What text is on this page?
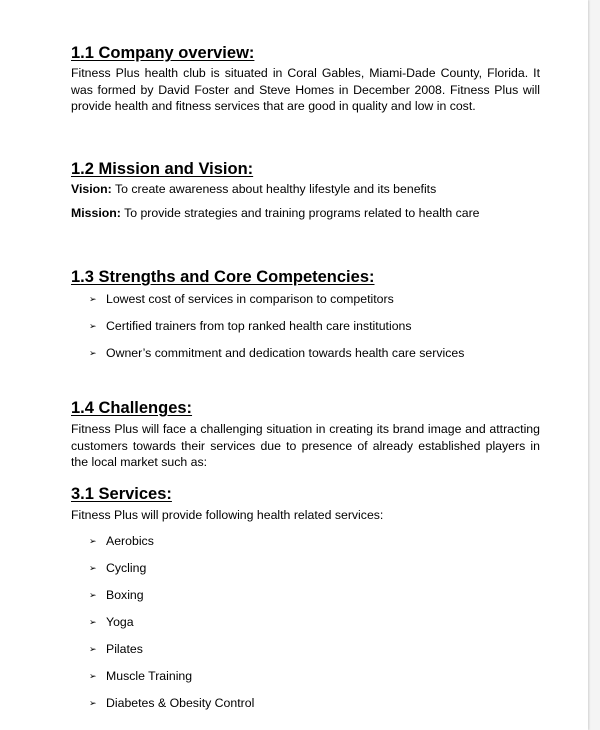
1.1 Company overview:

Fitness Plus health club is situated in Coral Gables, Miami-Dade County, Florida. It was formed by David Foster and Steve Homes in December 2008. Fitness Plus will provide health and fitness services that are good in quality and low in cost.

1.2 Mission and Vision:

Vision: To create awareness about healthy lifestyle and its benefits

Mission: To provide strategies and training programs related to health care

1.3 Strengths and Core Competencies:
➢ Lowest cost of services in comparison to competitors
➢ Certified trainers from top ranked health care institutions
➢ Owner’s commitment and dedication towards health care services
1.4 Challenges:

Fitness Plus will face a challenging situation in creating its brand image and attracting customers towards their services due to presence of already established players in the local market such as:

3.1 Services:

Fitness Plus will provide following health related services:

➢ Aerobics
➢ Cycling
➢ Boxing
➢ Yoga
➢ Pilates
➢ Muscle Training
➢ Diabetes & Obesity Control
